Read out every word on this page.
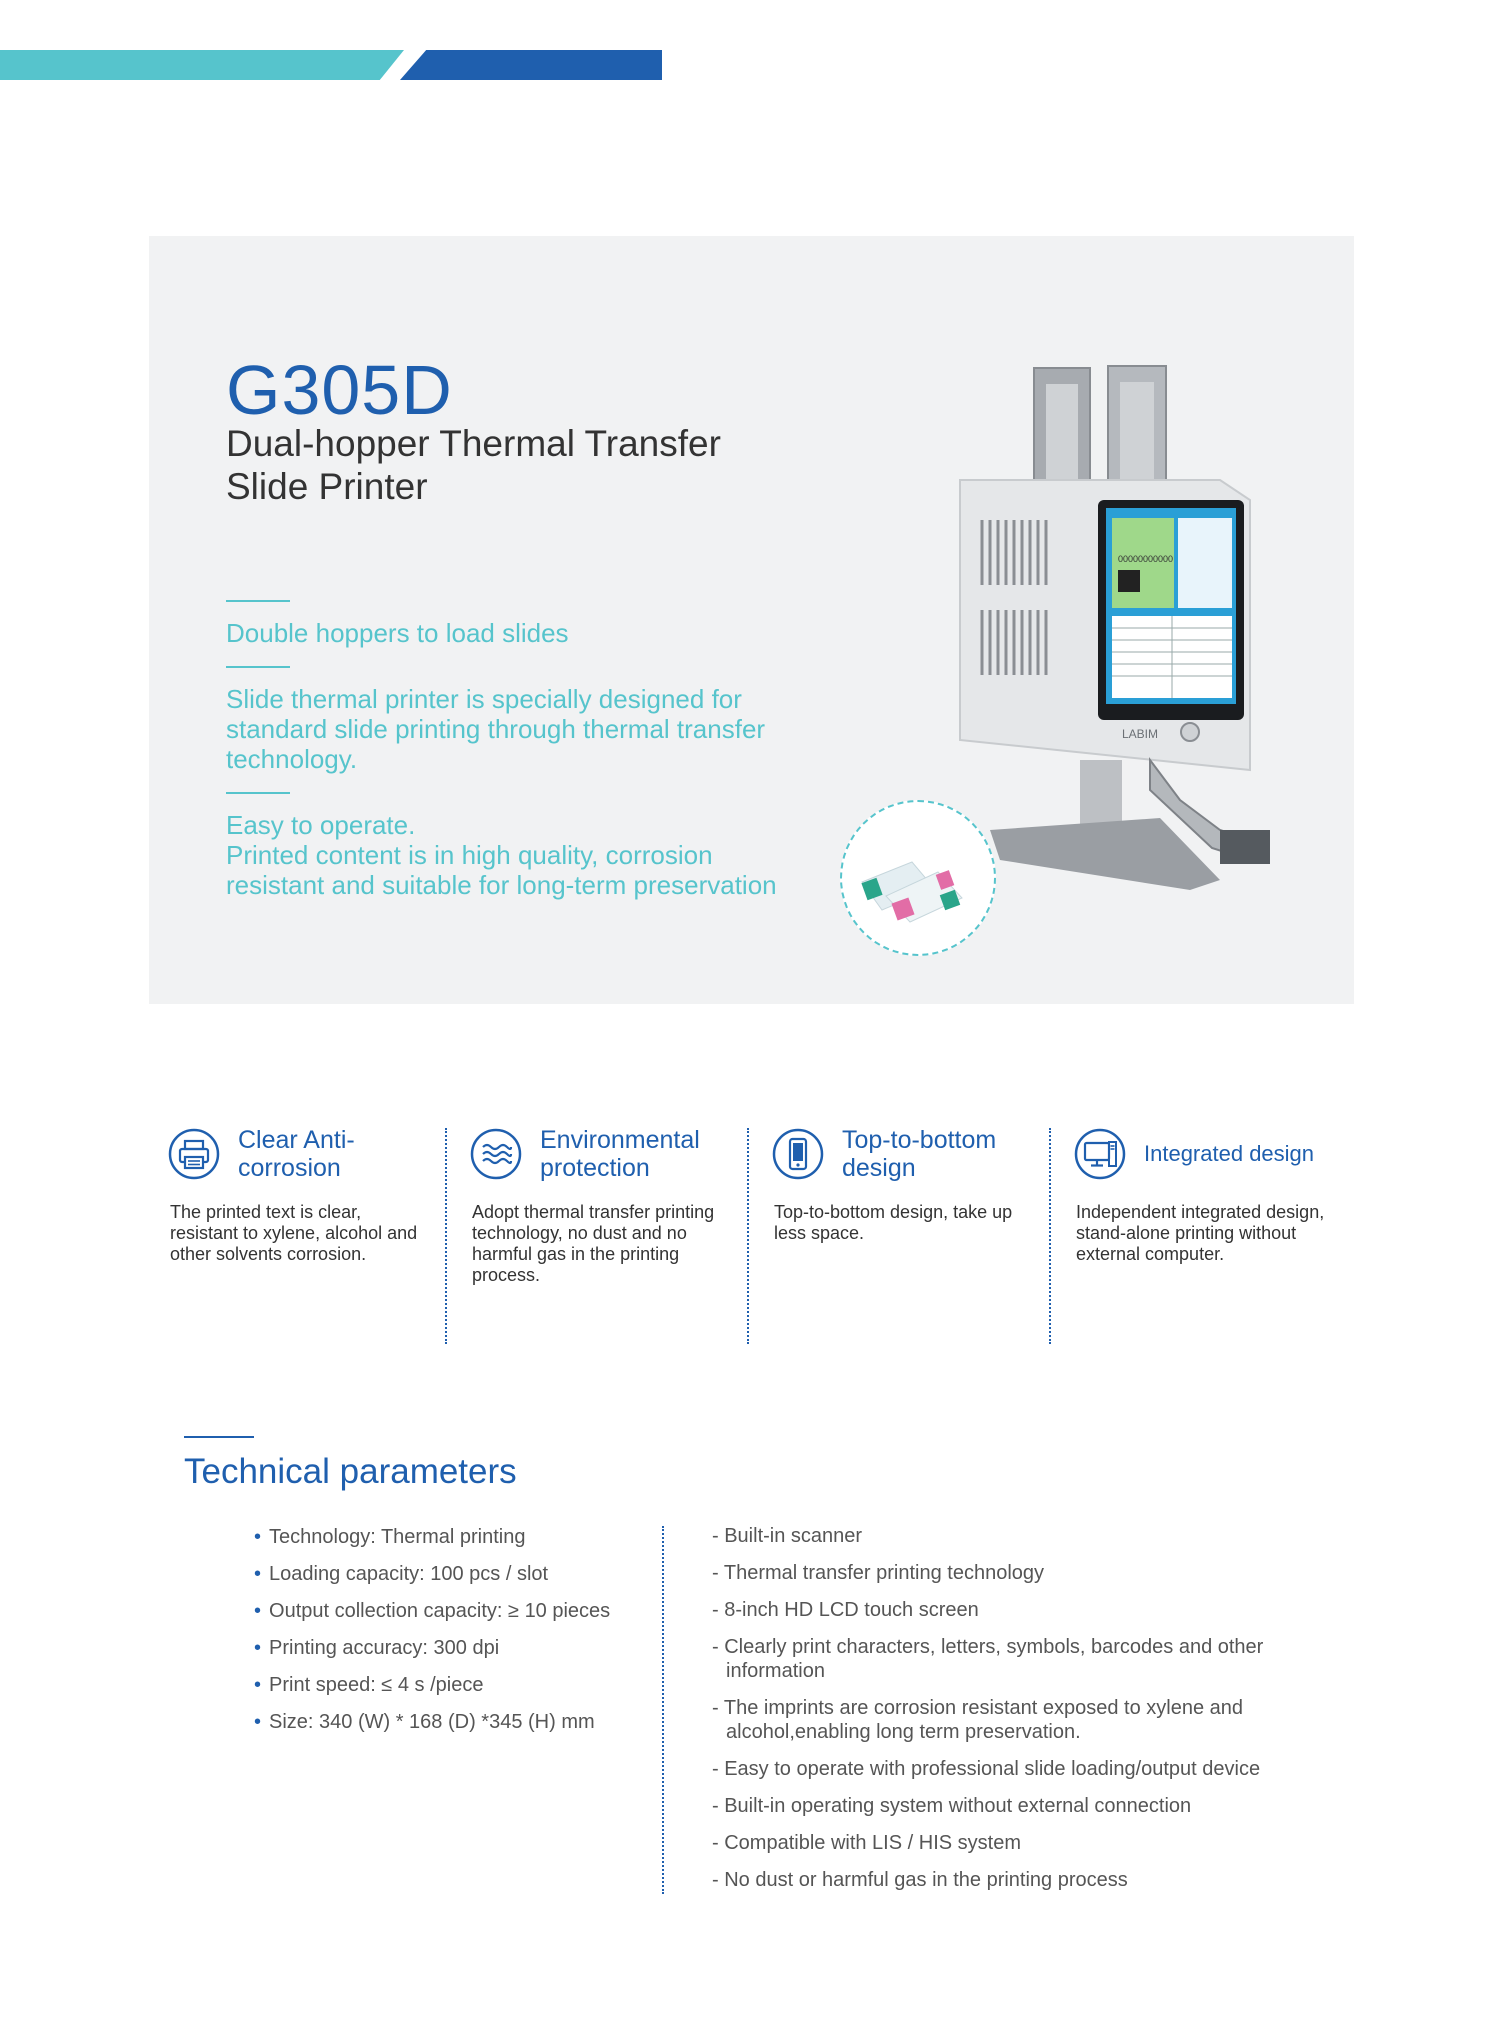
G305D
Dual-hopper Thermal Transfer Slide Printer
Double hoppers to load slides
Slide thermal printer is specially designed for standard slide printing through thermal transfer technology.
Easy to operate.
Printed content is in high quality, corrosion resistant and suitable for long-term preservation
00000000000
LABIM
Clear Anti-corrosion
The printed text is clear, resistant to xylene, alcohol and other solvents corrosion.
Environmental protection
Adopt thermal transfer printing technology, no dust and no harmful gas in the printing process.
Top-to-bottom design
Top-to-bottom design, take up less space.
Integrated design
Independent integrated design, stand-alone printing without external computer.
Technical parameters
• Technology: Thermal printing
• Loading capacity: 100 pcs / slot
• Output collection capacity: ≥ 10 pieces
• Printing accuracy: 300 dpi
• Print speed: ≤ 4 s /piece
• Size: 340 (W) * 168 (D) *345 (H) mm
- Built-in scanner
- Thermal transfer printing technology
- 8-inch HD LCD touch screen
- Clearly print characters, letters, symbols, barcodes and other information
- The imprints are corrosion resistant exposed to xylene and alcohol,enabling long term preservation.
- Easy to operate with professional slide loading/output device
- Built-in operating system without external connection
- Compatible with LIS / HIS system
- No dust or harmful gas in the printing process
